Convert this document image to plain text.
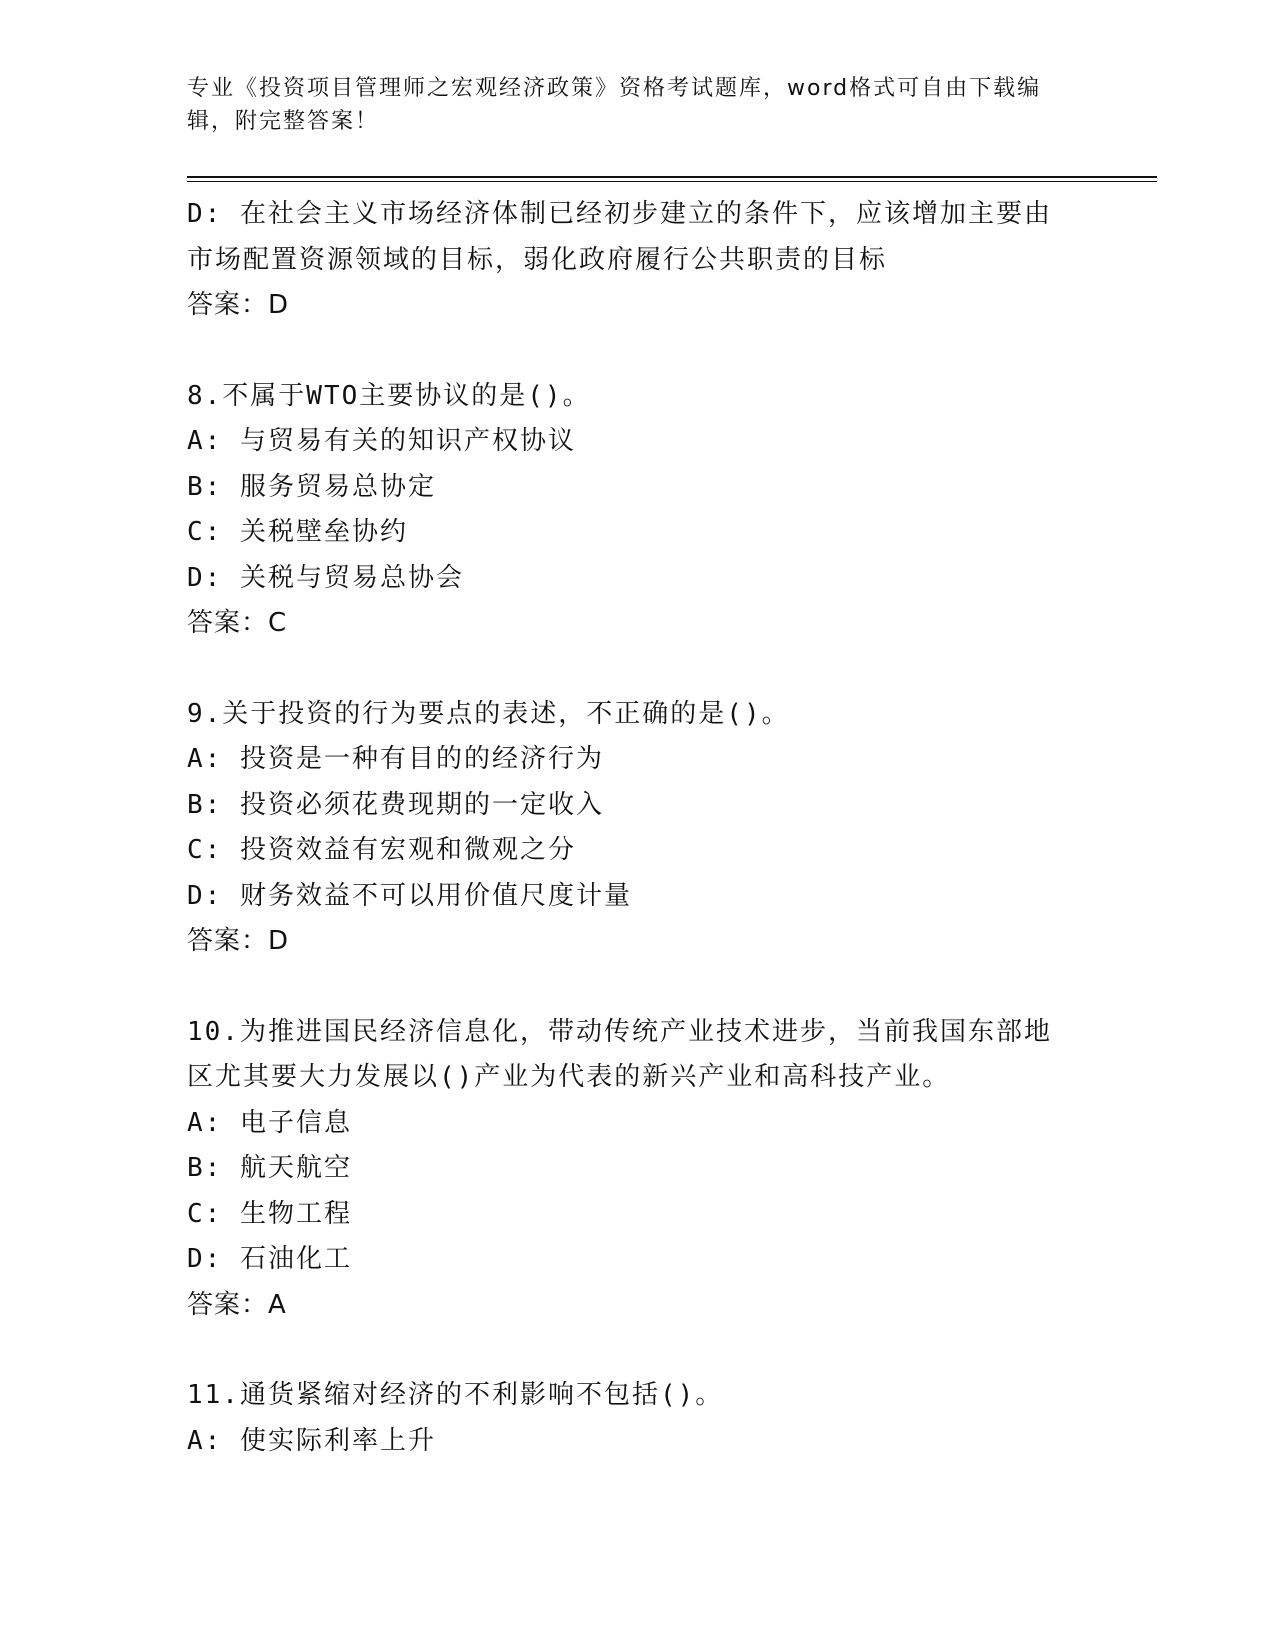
专业《投资项目管理师之宏观经济政策》资格考试题库，word格式可自由下载编
辑，附完整答案！
D: 在社会主义市场经济体制已经初步建立的条件下，应该增加主要由
市场配置资源领域的目标，弱化政府履行公共职责的目标
答案：D
8.不属于WTO主要协议的是()。
A: 与贸易有关的知识产权协议
B: 服务贸易总协定
C: 关税壁垒协约
D: 关税与贸易总协会
答案：C
9.关于投资的行为要点的表述，不正确的是()。
A: 投资是一种有目的的经济行为
B: 投资必须花费现期的一定收入
C: 投资效益有宏观和微观之分
D: 财务效益不可以用价值尺度计量
答案：D
10.为推进国民经济信息化，带动传统产业技术进步，当前我国东部地
区尤其要大力发展以()产业为代表的新兴产业和高科技产业。
A: 电子信息
B: 航天航空
C: 生物工程
D: 石油化工
答案：A
11.通货紧缩对经济的不利影响不包括()。
A: 使实际利率上升
